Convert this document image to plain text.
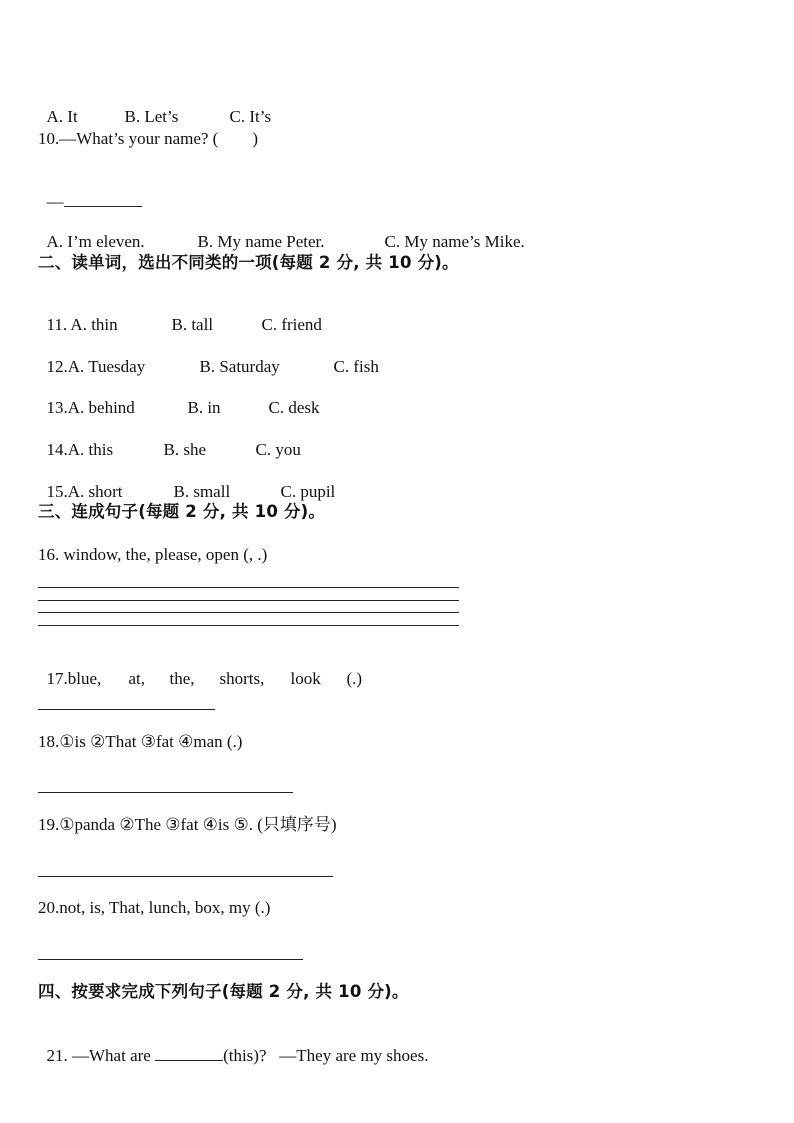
A. It	B. Let’s	C. It’s

10.—What’s your name? (        )

—

A. I’m eleven.	B. My name Peter.	C. My name’s Mike.

二、读单词，选出不同类的一项(每题 2 分, 共 10 分)。

11. A. thin	B. tall	C. friend

12.A. Tuesday	B. Saturday	C. fish

13.A. behind	B. in	C. desk

14.A. this	B. she	C. you

15.A. short	B. small	C. pupil

三、连成句子(每题 2 分, 共 10 分)。
16. window, the, please, open (, .)

17.blue, at, the, shorts, look (.)

18.①is ②That ③fat ④man (.)
19.①panda ②The ③fat ④is ⑤. (只填序号)
20.not, is, That, lunch, box, my (.)
四、按要求完成下列句子(每题 2 分, 共 10 分)。

21. —What are	(this)?   —They are my shoes.
